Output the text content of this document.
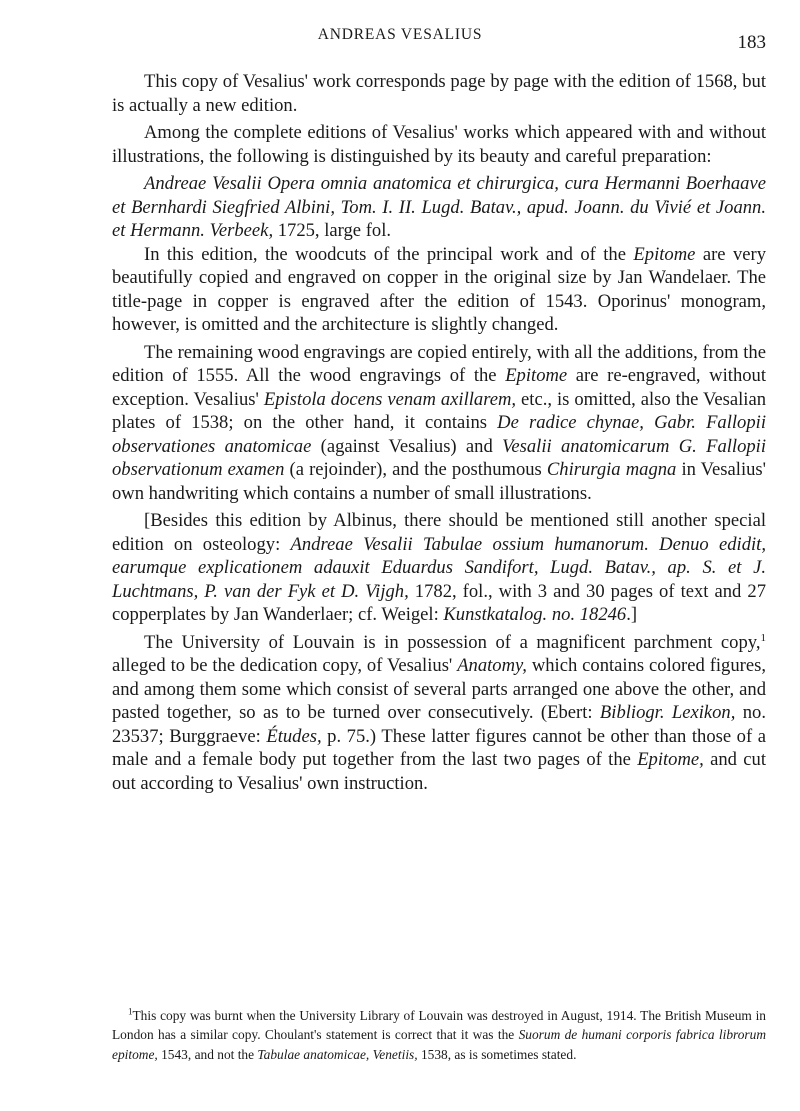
ANDREAS VESALIUS	183

This copy of Vesalius' work corresponds page by page with the edition of 1568, but is actually a new edition.

Among the complete editions of Vesalius' works which appeared with and without illustrations, the following is distinguished by its beauty and careful preparation:

Andreae Vesalii Opera omnia anatomica et chirurgica, cura Hermanni Boerhaave et Bernhardi Siegfried Albini, Tom. I. II. Lugd. Batav., apud. Joann. du Vivié et Joann. et Hermann. Verbeek, 1725, large fol.

In this edition, the woodcuts of the principal work and of the Epitome are very beautifully copied and engraved on copper in the original size by Jan Wandelaer. The title-page in copper is engraved after the edition of 1543. Oporinus' monogram, however, is omitted and the architecture is slightly changed.

The remaining wood engravings are copied entirely, with all the additions, from the edition of 1555. All the wood engravings of the Epitome are re-engraved, without exception. Vesalius' Epistola docens venam axillarem, etc., is omitted, also the Vesalian plates of 1538; on the other hand, it contains De radice chynae, Gabr. Fallopii observationes anatomicae (against Vesalius) and Vesalii anatomicarum G. Fallopii observationum examen (a rejoinder), and the posthumous Chirurgia magna in Vesalius' own handwriting which contains a number of small illustrations.

[Besides this edition by Albinus, there should be mentioned still another special edition on osteology: Andreae Vesalii Tabulae ossium humanorum. Denuo edidit, earumque explicationem adauxit Eduardus Sandifort, Lugd. Batav., ap. S. et J. Luchtmans, P. van der Fyk et D. Vijgh, 1782, fol., with 3 and 30 pages of text and 27 copperplates by Jan Wanderlaer; cf. Weigel: Kunstkatalog. no. 18246.]

The University of Louvain is in possession of a magnificent parchment copy,$^1$ alleged to be the dedication copy, of Vesalius' Anatomy, which contains colored figures, and among them some which consist of several parts arranged one above the other, and pasted together, so as to be turned over consecutively. (Ebert: Bibliogr. Lexikon, no. 23537; Burggraeve: Études, p. 75.) These latter figures cannot be other than those of a male and a female body put together from the last two pages of the Epitome, and cut out according to Vesalius' own instruction.

$^1$This copy was burnt when the University Library of Louvain was destroyed in August, 1914. The British Museum in London has a similar copy. Choulant's statement is correct that it was the Suorum de humani corporis fabrica librorum epitome, 1543, and not the Tabulae anatomicae, Venetiis, 1538, as is sometimes stated.
